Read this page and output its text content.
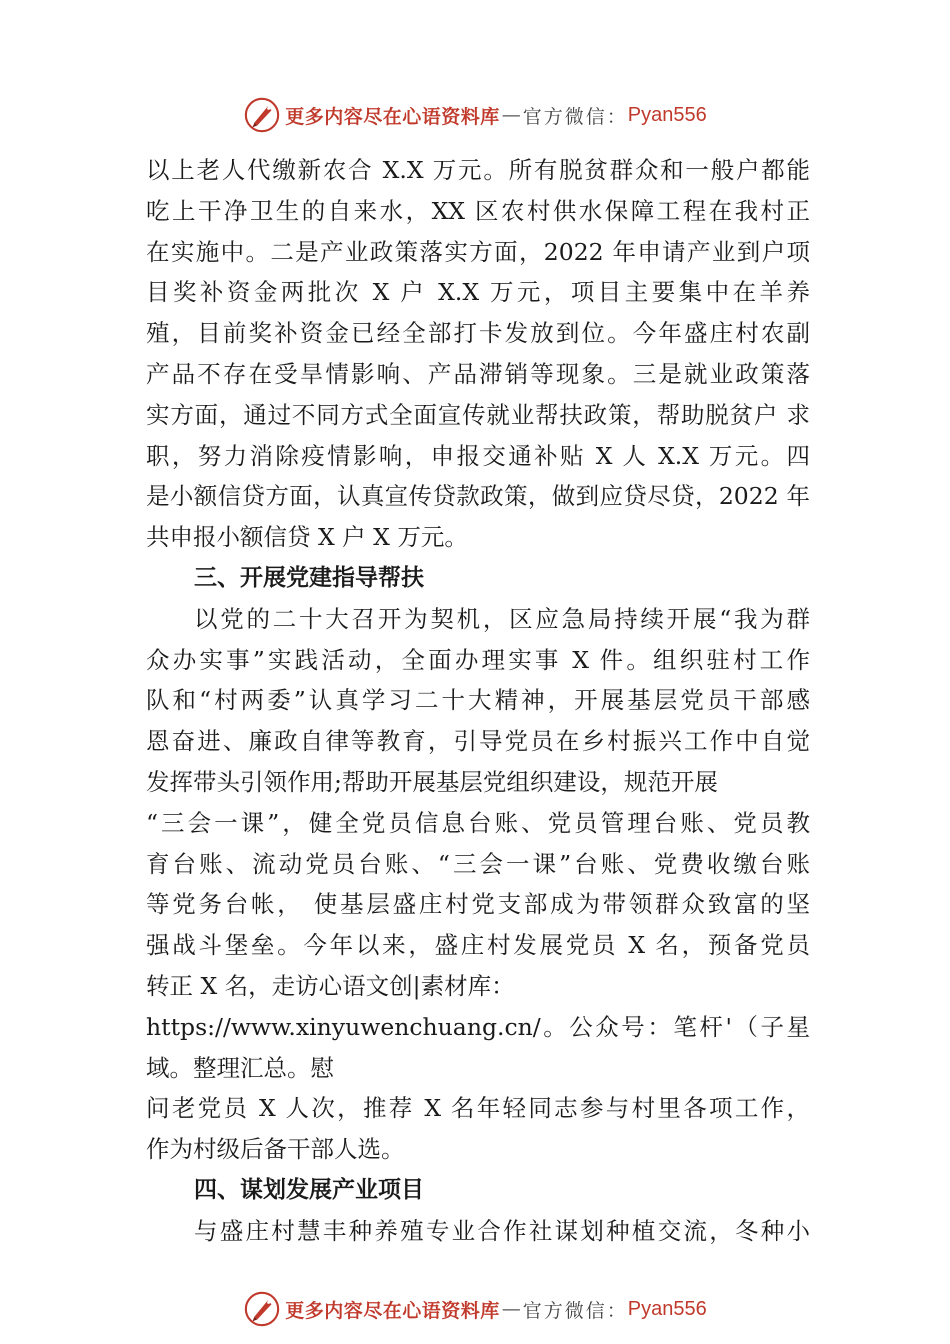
更多内容尽在心语资料库 — 官方微信： Pyan556
以上老人代缴新农合 X.X 万元。所有脱贫群众和一般户都能
吃上干净卫生的自来水，XX 区农村供水保障工程在我村正
在实施中。二是产业政策落实方面，2022 年申请产业到户项
目奖补资金两批次 X 户 X.X 万元，项目主要集中在羊养
殖，目前奖补资金已经全部打卡发放到位。今年盛庄村农副
产品不存在受旱情影响、产品滞销等现象。三是就业政策落
实方面，通过不同方式全面宣传就业帮扶政策，帮助脱贫户 求
职，努力消除疫情影响，申报交通补贴 X 人 X.X 万元。四
是小额信贷方面，认真宣传贷款政策，做到应贷尽贷，2022 年
共申报小额信贷 X 户 X 万元。
三、开展党建指导帮扶
以党的二十大召开为契机，区应急局持续开展“我为群
众办实事”实践活动，全面办理实事 X 件。组织驻村工作
队和“村两委”认真学习二十大精神，开展基层党员干部感
恩奋进、廉政自律等教育，引导党员在乡村振兴工作中自觉
发挥带头引领作用;帮助开展基层党组织建设，规范开展
“三会一课”，健全党员信息台账、党员管理台账、党员教
育台账、流动党员台账、“三会一课”台账、党费收缴台账
等党务台帐， 使基层盛庄村党支部成为带领群众致富的坚
强战斗堡垒。今年以来，盛庄村发展党员 X 名，预备党员
转正 X 名，走访心语文创|素材库：
https://www.xinyuwenchuang.cn/。公众号：笔杆'（子星
域。整理汇总。慰
问老党员 X 人次，推荐 X 名年轻同志参与村里各项工作，
作为村级后备干部人选。
四、谋划发展产业项目
与盛庄村慧丰种养殖专业合作社谋划种植交流，冬种小
更多内容尽在心语资料库 — 官方微信： Pyan556
